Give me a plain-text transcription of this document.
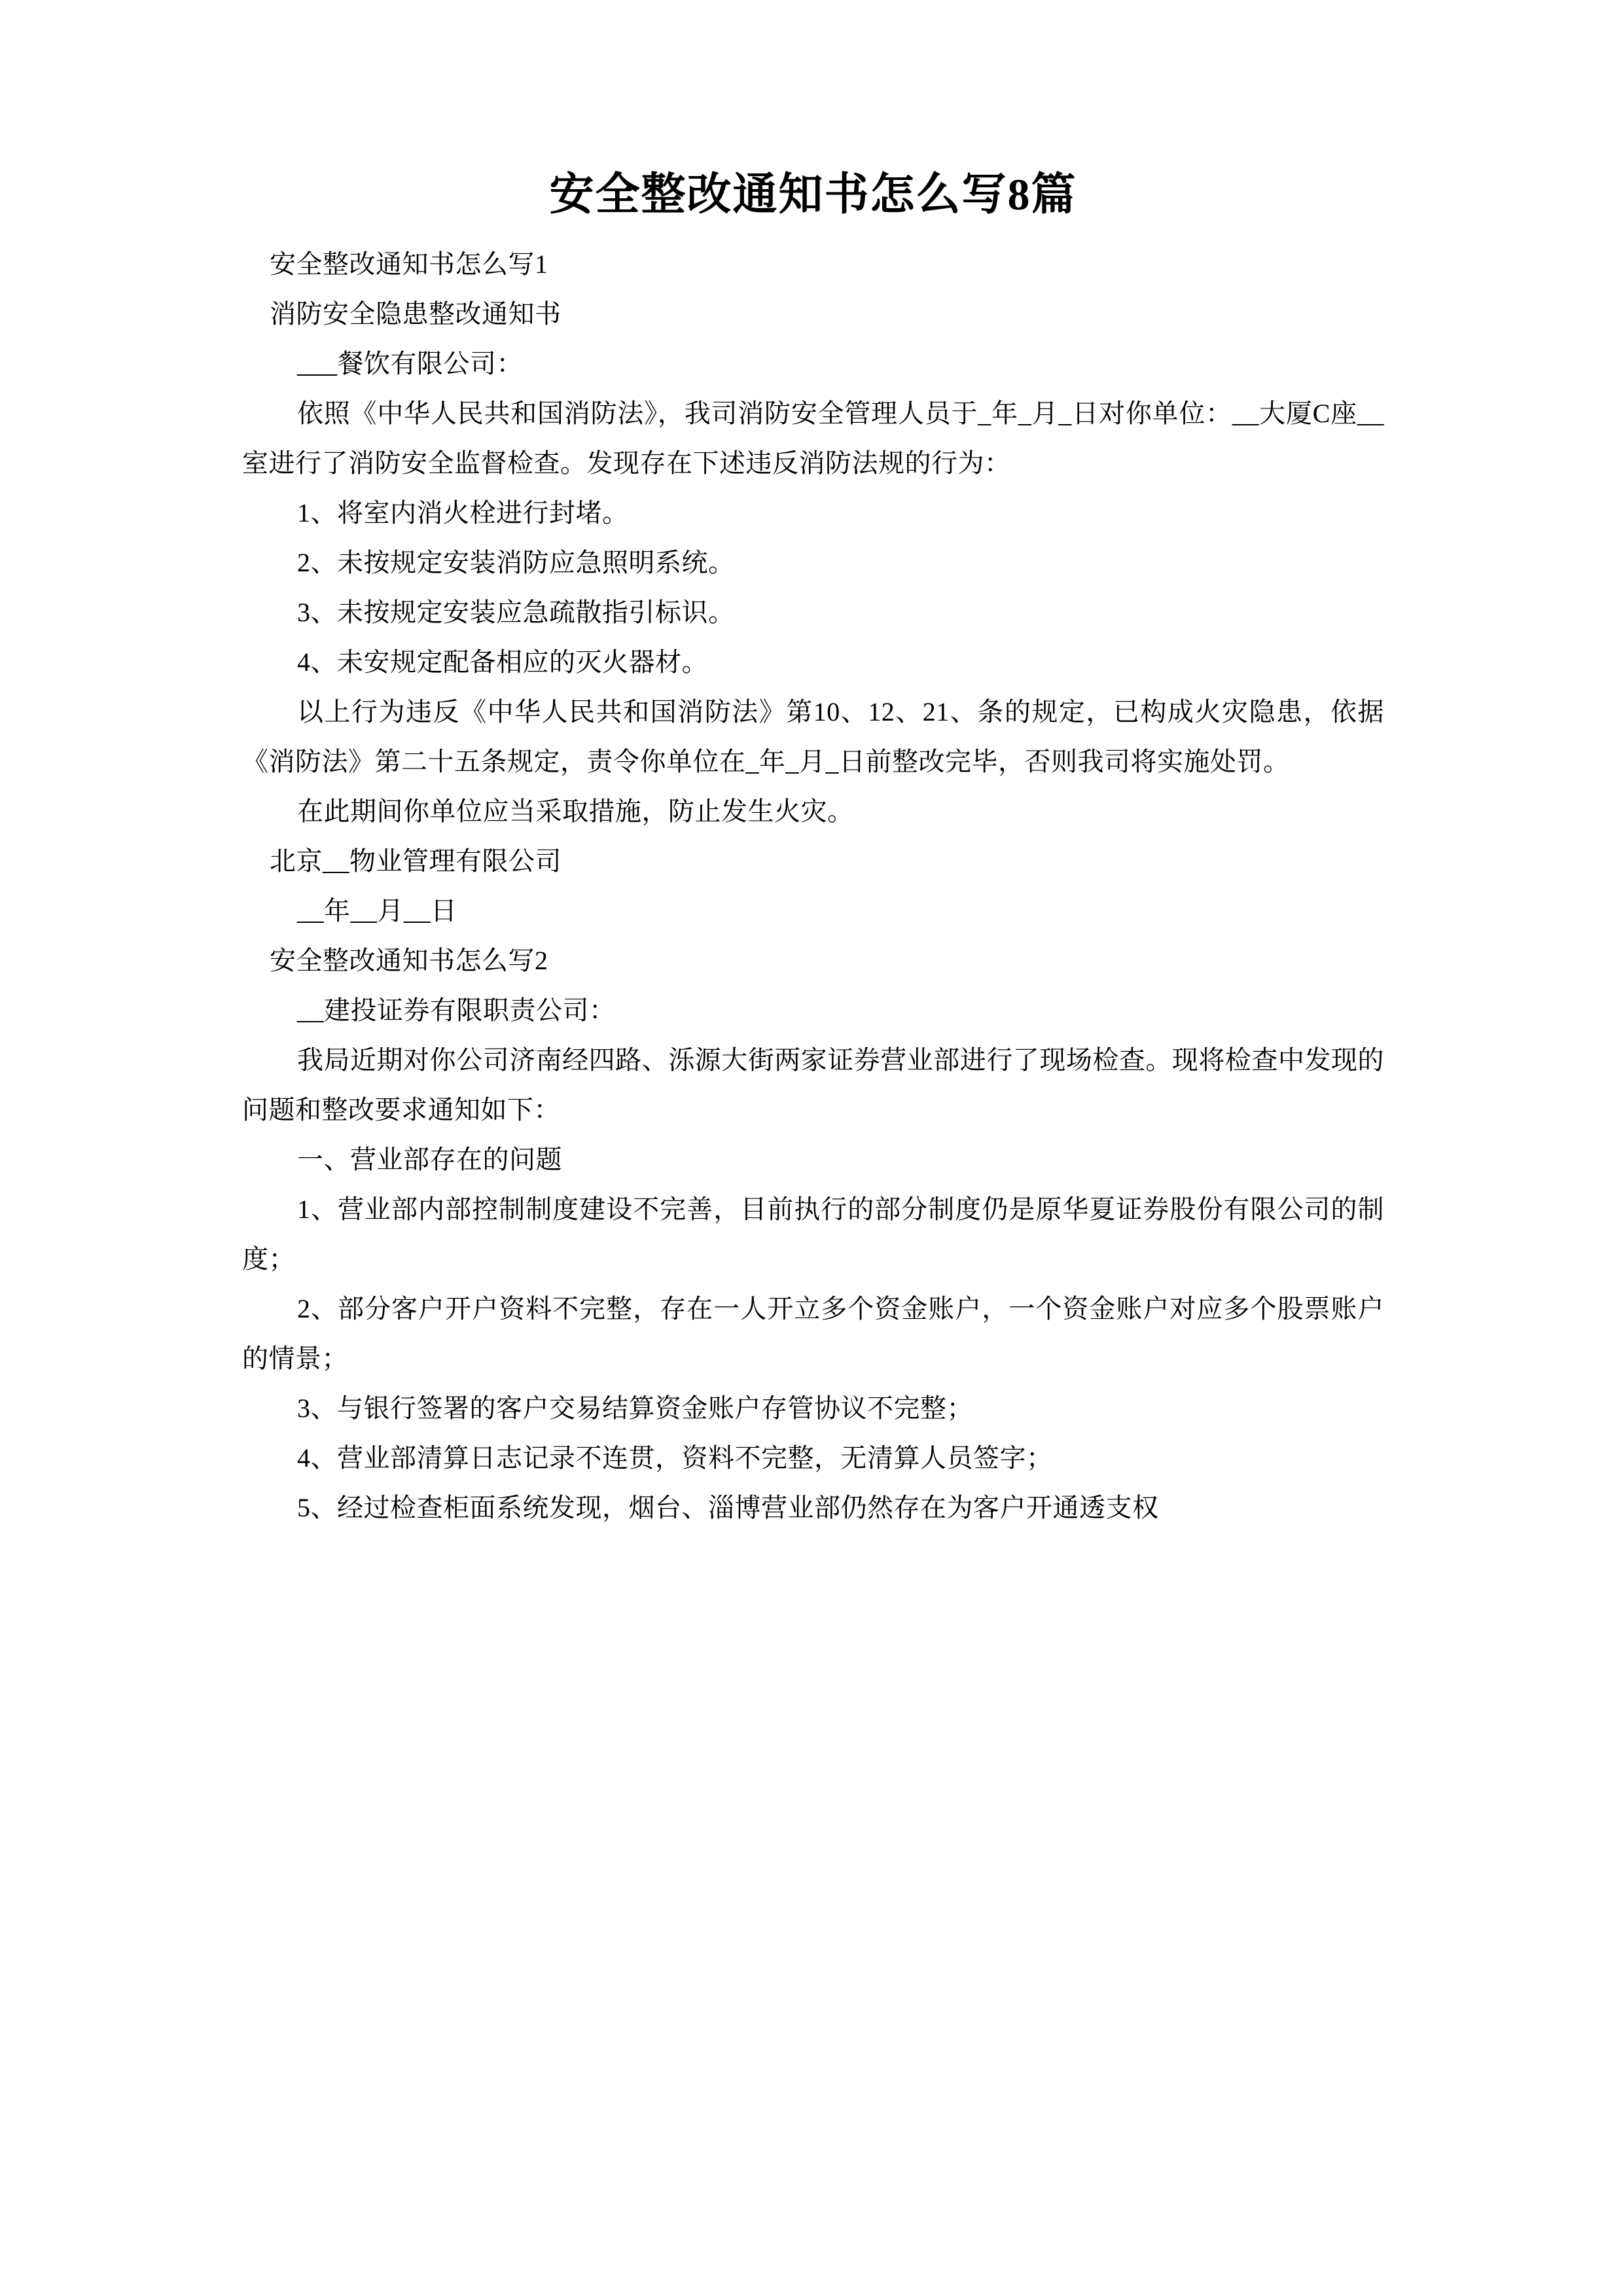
安全整改通知书怎么写8篇

安全整改通知书怎么写1

消防安全隐患整改通知书

___餐饮有限公司：

依照《中华人民共和国消防法》，我司消防安全管理人员于_年_月_日对你单位：__大厦C座__室进行了消防安全监督检查。发现存在下述违反消防法规的行为：

1、将室内消火栓进行封堵。

2、未按规定安装消防应急照明系统。

3、未按规定安装应急疏散指引标识。

4、未安规定配备相应的灭火器材。

以上行为违反《中华人民共和国消防法》第10、12、21、条的规定，已构成火灾隐患，依据《消防法》第二十五条规定，责令你单位在_年_月_日前整改完毕，否则我司将实施处罚。

在此期间你单位应当采取措施，防止发生火灾。

北京__物业管理有限公司

__年__月__日

安全整改通知书怎么写2

__建投证券有限职责公司：

我局近期对你公司济南经四路、泺源大街两家证券营业部进行了现场检查。现将检查中发现的问题和整改要求通知如下：

一、营业部存在的问题

1、营业部内部控制制度建设不完善，目前执行的部分制度仍是原华夏证券股份有限公司的制度；

2、部分客户开户资料不完整，存在一人开立多个资金账户，一个资金账户对应多个股票账户的情景；

3、与银行签署的客户交易结算资金账户存管协议不完整；

4、营业部清算日志记录不连贯，资料不完整，无清算人员签字；

5、经过检查柜面系统发现，烟台、淄博营业部仍然存在为客户开通透支权
